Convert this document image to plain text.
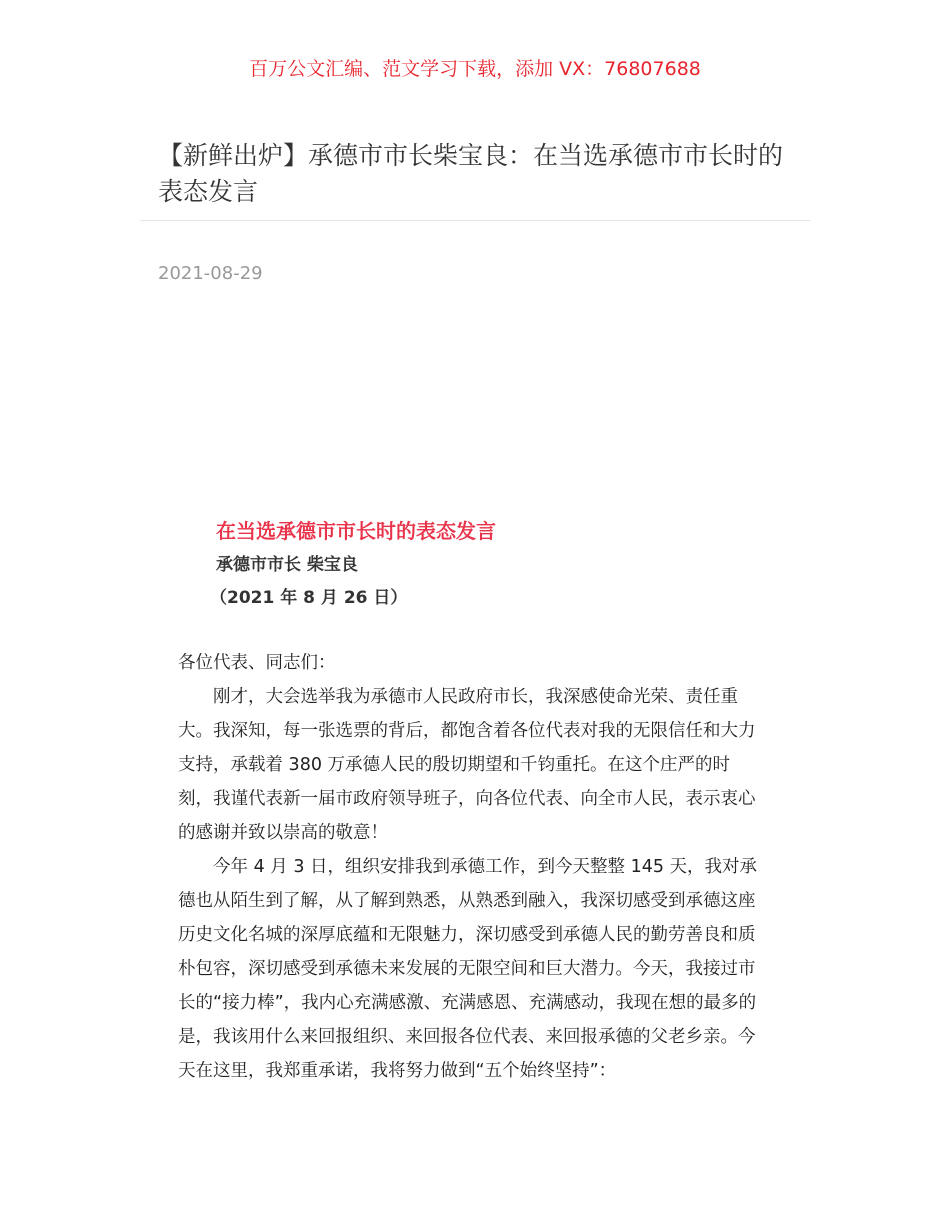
百万公文汇编、范文学习下载，添加 VX：76807688
【新鲜出炉】承德市市长柴宝良：在当选承德市市长时的表态发言
2021-08-29
在当选承德市市长时的表态发言
承德市市长 柴宝良
（2021 年 8 月 26 日）

各位代表、同志们：

刚才，大会选举我为承德市人民政府市长，我深感使命光荣、责任重大。我深知，每一张选票的背后，都饱含着各位代表对我的无限信任和大力支持，承载着 380 万承德人民的殷切期望和千钧重托。在这个庄严的时刻，我谨代表新一届市政府领导班子，向各位代表、向全市人民，表示衷心的感谢并致以崇高的敬意！

今年 4 月 3 日，组织安排我到承德工作，到今天整整 145 天，我对承德也从陌生到了解，从了解到熟悉，从熟悉到融入，我深切感受到承德这座历史文化名城的深厚底蕴和无限魅力，深切感受到承德人民的勤劳善良和质朴包容，深切感受到承德未来发展的无限空间和巨大潜力。今天，我接过市长的“接力棒”，我内心充满感激、充满感恩、充满感动，我现在想的最多的是，我该用什么来回报组织、来回报各位代表、来回报承德的父老乡亲。今天在这里，我郑重承诺，我将努力做到“五个始终坚持”：
